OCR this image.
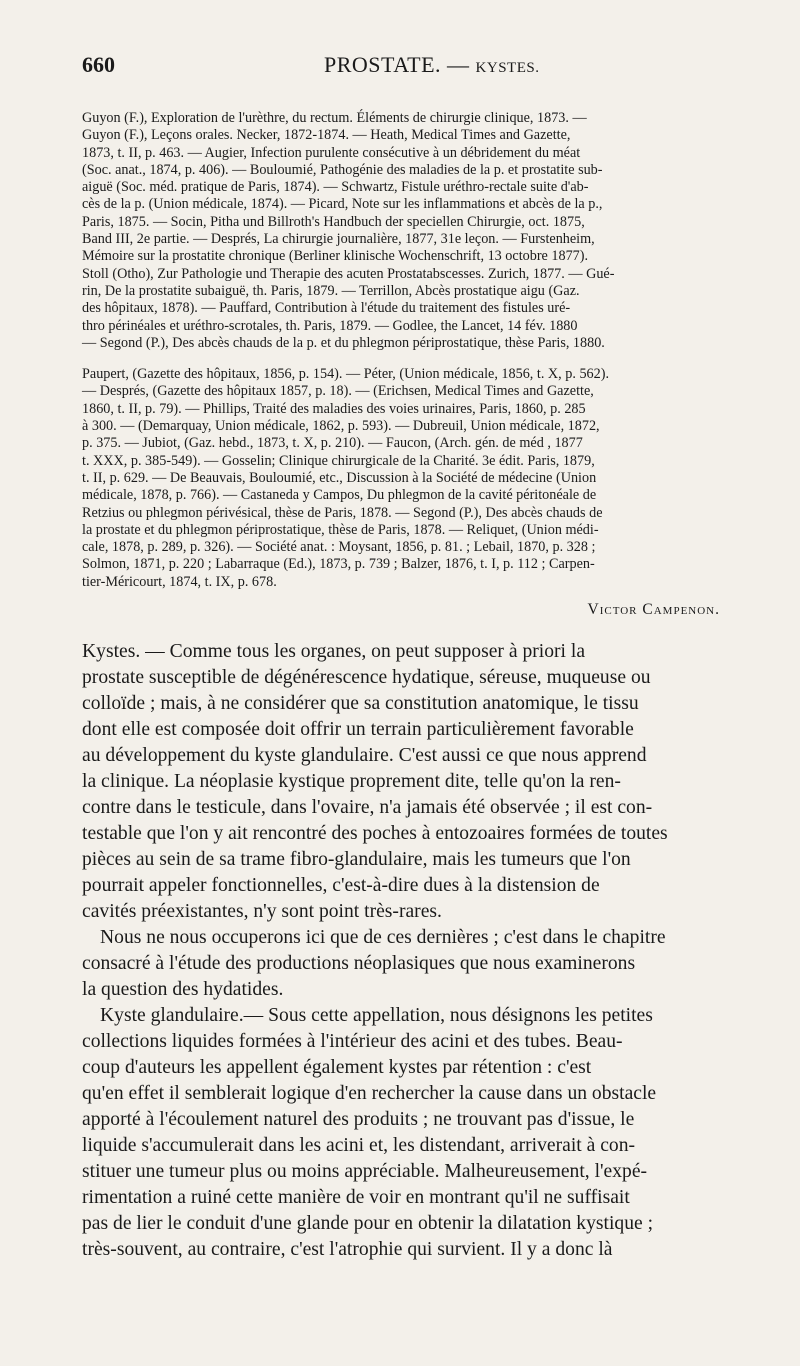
660	PROSTATE. — KYSTES.

Guyon (F.), Exploration de l'urèthre, du rectum. Éléments de chirurgie clinique, 1873. —

Guyon (F.), Leçons orales. Necker, 1872-1874. — Heath, Medical Times and Gazette,

1873, t. II, p. 463. — Augier, Infection purulente consécutive à un débridement du méat

(Soc. anat., 1874, p. 406). — Bouloumié, Pathogénie des maladies de la p. et prostatite sub-

aiguë (Soc. méd. pratique de Paris, 1874). — Schwartz, Fistule uréthro-rectale suite d'ab-

cès de la p. (Union médicale, 1874). — Picard, Note sur les inflammations et abcès de la p.,

Paris, 1875. — Socin, Pitha und Billroth's Handbuch der speciellen Chirurgie, oct. 1875,

Band III, 2e partie. — Després, La chirurgie journalière, 1877, 31e leçon. — Furstenheim,

Mémoire sur la prostatite chronique (Berliner klinische Wochenschrift, 13 octobre 1877).

Stoll (Otho), Zur Pathologie und Therapie des acuten Prostatabscesses. Zurich, 1877. — Gué-

rin, De la prostatite subaiguë, th. Paris, 1879. — Terrillon, Abcès prostatique aigu (Gaz.

des hôpitaux, 1878). — Pauffard, Contribution à l'étude du traitement des fistules uré-

thro périnéales et uréthro-scrotales, th. Paris, 1879. — Godlee, the Lancet, 14 fév. 1880

— Segond (P.), Des abcès chauds de la p. et du phlegmon périprostatique, thèse Paris, 1880.

Paupert, (Gazette des hôpitaux, 1856, p. 154). — Péter, (Union médicale, 1856, t. X, p. 562).

— Després, (Gazette des hôpitaux 1857, p. 18). — (Erichsen, Medical Times and Gazette,

1860, t. II, p. 79). — Phillips, Traité des maladies des voies urinaires, Paris, 1860, p. 285

à 300. — (Demarquay, Union médicale, 1862, p. 593). — Dubreuil, Union médicale, 1872,

p. 375. — Jubiot, (Gaz. hebd., 1873, t. X, p. 210). — Faucon, (Arch. gén. de méd , 1877

t. XXX, p. 385-549). — Gosselin; Clinique chirurgicale de la Charité. 3e édit. Paris, 1879,

t. II, p. 629. — De Beauvais, Bouloumié, etc., Discussion à la Société de médecine (Union

médicale, 1878, p. 766). — Castaneda y Campos, Du phlegmon de la cavité péritonéale de

Retzius ou phlegmon périvésical, thèse de Paris, 1878. — Segond (P.), Des abcès chauds de

la prostate et du phlegmon périprostatique, thèse de Paris, 1878. — Reliquet, (Union médi-

cale, 1878, p. 289, p. 326). — Société anat. : Moysant, 1856, p. 81. ; Lebail, 1870, p. 328 ;

Solmon, 1871, p. 220 ; Labarraque (Ed.), 1873, p. 739 ; Balzer, 1876, t. I, p. 112 ; Carpen-

tier-Méricourt, 1874, t. IX, p. 678.

Victor Campenon.

Kystes. — Comme tous les organes, on peut supposer à priori la

prostate susceptible de dégénérescence hydatique, séreuse, muqueuse ou

colloïde ; mais, à ne considérer que sa constitution anatomique, le tissu

dont elle est composée doit offrir un terrain particulièrement favorable

au développement du kyste glandulaire. C'est aussi ce que nous apprend

la clinique. La néoplasie kystique proprement dite, telle qu'on la ren-

contre dans le testicule, dans l'ovaire, n'a jamais été observée ; il est con-

testable que l'on y ait rencontré des poches à entozoaires formées de toutes

pièces au sein de sa trame fibro-glandulaire, mais les tumeurs que l'on

pourrait appeler fonctionnelles, c'est-à-dire dues à la distension de

cavités préexistantes, n'y sont point très-rares.

Nous ne nous occuperons ici que de ces dernières ; c'est dans le chapitre

consacré à l'étude des productions néoplasiques que nous examinerons

la question des hydatides.

Kyste glandulaire.— Sous cette appellation, nous désignons les petites

collections liquides formées à l'intérieur des acini et des tubes. Beau-

coup d'auteurs les appellent également kystes par rétention : c'est

qu'en effet il semblerait logique d'en rechercher la cause dans un obstacle

apporté à l'écoulement naturel des produits ; ne trouvant pas d'issue, le

liquide s'accumulerait dans les acini et, les distendant, arriverait à con-

stituer une tumeur plus ou moins appréciable. Malheureusement, l'expé-

rimentation a ruiné cette manière de voir en montrant qu'il ne suffisait

pas de lier le conduit d'une glande pour en obtenir la dilatation kystique ;

très-souvent, au contraire, c'est l'atrophie qui survient. Il y a donc là
